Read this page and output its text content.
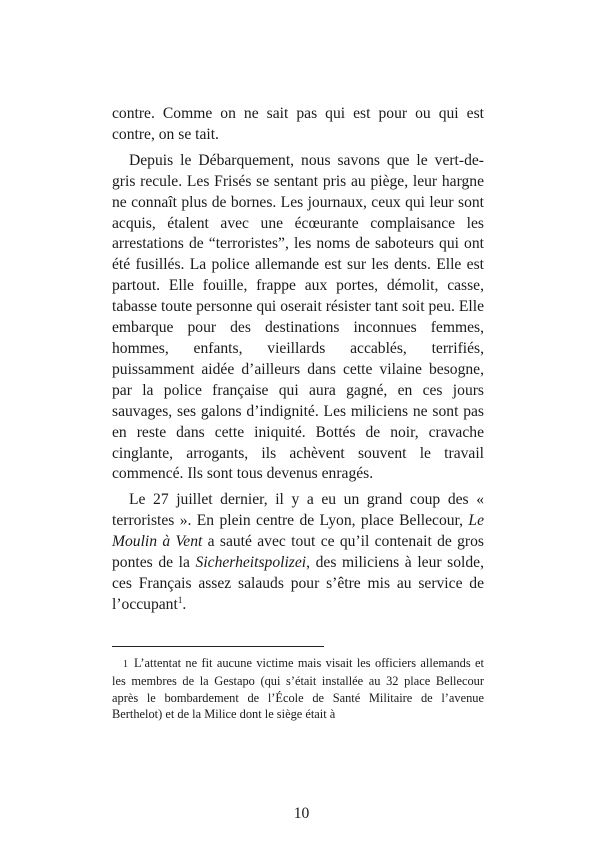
contre. Comme on ne sait pas qui est pour ou qui est contre, on se tait.

Depuis le Débarquement, nous savons que le vert-de-gris recule. Les Frisés se sentant pris au piège, leur hargne ne connaît plus de bornes. Les journaux, ceux qui leur sont acquis, étalent avec une écœurante complaisance les arrestations de “terroristes”, les noms de saboteurs qui ont été fusillés. La police allemande est sur les dents. Elle est partout. Elle fouille, frappe aux portes, démolit, casse, tabasse toute personne qui oserait résister tant soit peu. Elle embarque pour des destinations inconnues femmes, hommes, enfants, vieillards accablés, terrifiés, puissamment aidée d’ailleurs dans cette vilaine besogne, par la police française qui aura gagné, en ces jours sauvages, ses galons d’indignité. Les miliciens ne sont pas en reste dans cette iniquité. Bottés de noir, cravache cinglante, arrogants, ils achèvent souvent le travail commencé. Ils sont tous devenus enragés.

Le 27 juillet dernier, il y a eu un grand coup des « terroristes ». En plein centre de Lyon, place Bellecour, Le Moulin à Vent a sauté avec tout ce qu’il contenait de gros pontes de la Sicherheitspolizei, des miliciens à leur solde, ces Français assez salauds pour s’être mis au service de l’occupant$^1$.

1 L’attentat ne fit aucune victime mais visait les officiers allemands et les membres de la Gestapo (qui s’était installée au 32 place Bellecour après le bombardement de l’École de Santé Militaire de l’avenue Berthelot) et de la Milice dont le siège était à

10
